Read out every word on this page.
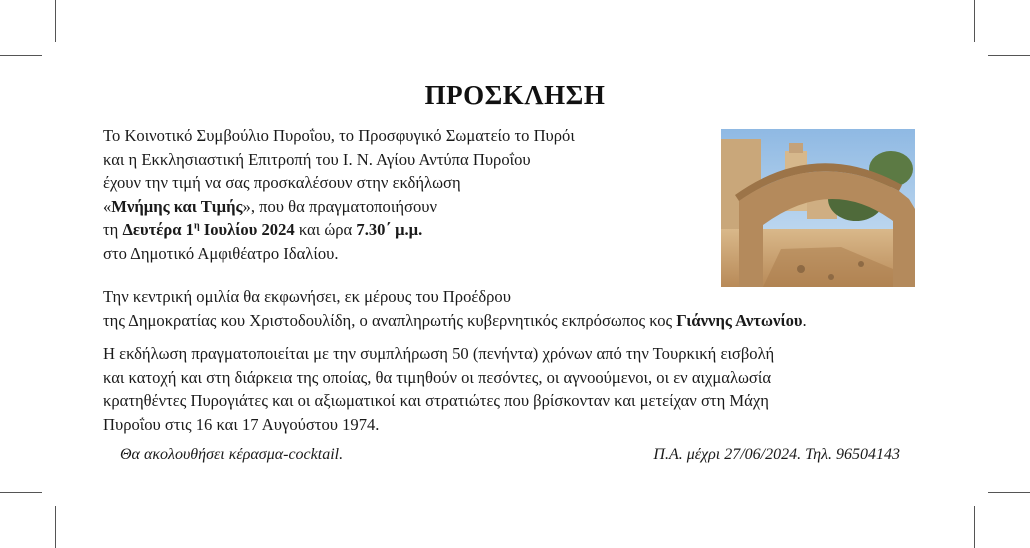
ΠΡΟΣΚΛΗΣΗ
Το Κοινοτικό Συμβούλιο Πυροΐου, το Προσφυγικό Σωματείο το Πυρόι
και η Εκκλησιαστική Επιτροπή του Ι. Ν. Αγίου Αντύπα Πυροΐου
έχουν την τιμή να σας προσκαλέσουν στην εκδήλωση
«Μνήμης και Τιμής», που θα πραγματοποιήσουν
τη Δευτέρα $1^\eta$ Ιουλίου 2024 και ώρα 7.30΄ μ.μ.
στο Δημοτικό Αμφιθέατρο Ιδαλίου.
Την κεντρική ομιλία θα εκφωνήσει, εκ μέρους του Προέδρου
της Δημοκρατίας κου Χριστοδουλίδη, ο αναπληρωτής κυβερνητικός εκπρόσωπος κος Γιάννης Αντωνίου.
Η εκδήλωση πραγματοποιείται με την συμπλήρωση 50 (πενήντα) χρόνων από την Τουρκική εισβολή
και κατοχή και στη διάρκεια της οποίας, θα τιμηθούν οι πεσόντες, οι αγνοούμενοι, οι εν αιχμαλωσία
κρατηθέντες Πυρογιάτες και οι αξιωματικοί και στρατιώτες που βρίσκονταν και μετείχαν στη Μάχη
Πυροΐου στις 16 και 17 Αυγούστου 1974.
Θα ακολουθήσει κέρασμα-cocktail.	Π.Α. μέχρι 27/06/2024. Τηλ. 96504143
